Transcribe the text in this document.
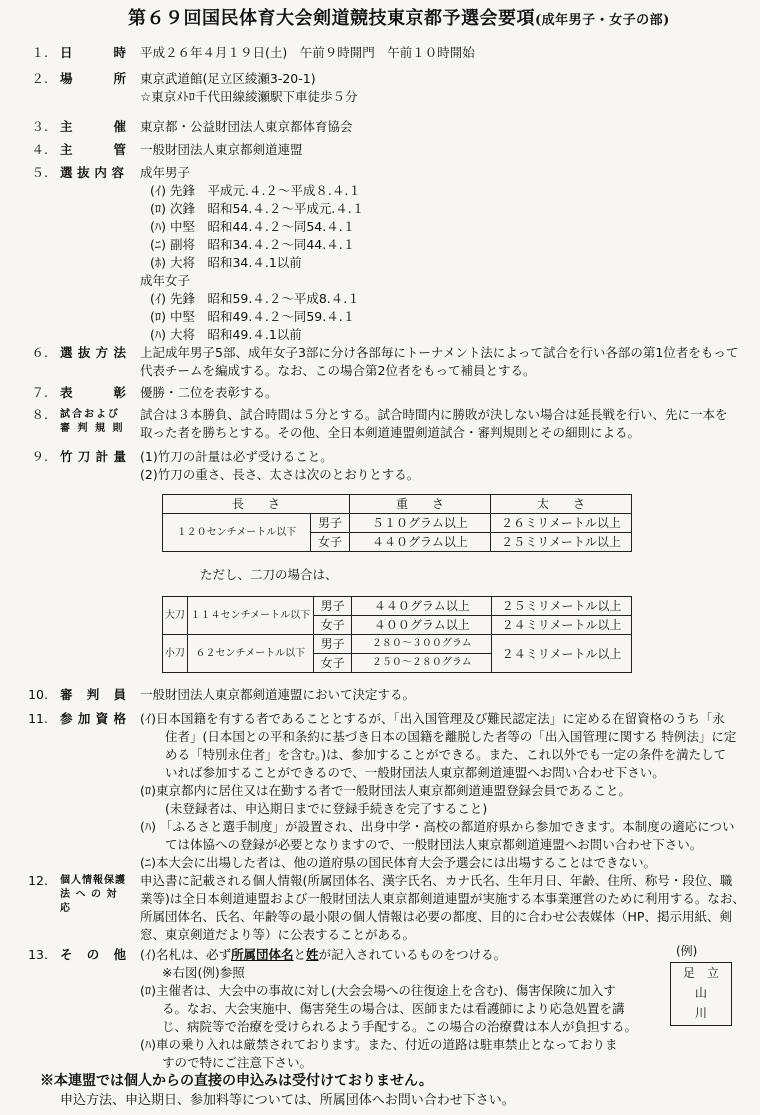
第６９回国民体育大会剣道競技東京都予選会要項(成年男子・女子の部)
１. 日	時 平成２６年４月１９日(土)　午前９時開門　午前１０時開始
２. 場	所 東京武道館(足立区綾瀬3-20-1)
☆東京ﾒﾄﾛ千代田線綾瀬駅下車徒歩５分
３. 主	催 東京都・公益財団法人東京都体育協会
４. 主	管 一般財団法人東京都剣道連盟
５. 選 抜 内 容 成年男子
(ｲ) 先鋒　平成元.４.２～平成８.４.１
(ﾛ) 次鋒　昭和54.４.２～平成元.４.１
(ﾊ) 中堅　昭和44.４.２～同54.４.１
(ﾆ) 副将　昭和34.４.２～同44.４.１
(ﾎ) 大将　昭和34.４.1以前
成年女子
(ｲ) 先鋒　昭和59.４.２～平成8.４.１
(ﾛ) 中堅　昭和49.４.２～同59.４.１
(ﾊ) 大将　昭和49.４.1以前
６. 選 抜 方 法 上記成年男子5部、成年女子3部に分け各部毎にトーナメント法によって試合を行い各部の第1位者をもって
代表チームを編成する。なお、この場合第2位者をもって補員とする。
７. 表	彰 優勝・二位を表彰する。
８. 試合および
審 判 規 則
試合は３本勝負、試合時間は５分とする。試合時間内に勝敗が決しない場合は延長戦を行い、先に一本を
取った者を勝ちとする。その他、全日本剣道連盟剣道試合・審判規則とその細則による。
９. 竹 刀 計 量 (1)竹刀の計量は必ず受けること。
(2)竹刀の重さ、長さ、太さは次のとおりとする。
長　　さ		重　　さ	太　　さ
１２０センチメートル以下	男子	５１０グラム以上	２６ミリメートル以上
	女子	４４０グラム以上	２５ミリメートル以上
ただし、二刀の場合は、
大刀	１１４センチメートル以下	男子	４４０グラム以上	２５ミリメートル以上
		女子	４００グラム以上	２４ミリメートル以上
小刀	６２センチメートル以下	男子	２８０～３００グラム	２４ミリメートル以上
		女子	２５０～２８０グラム	
10. 審 判 員 一般財団法人東京都剣道連盟において決定する。
11. 参 加 資 格 (ｲ)日本国籍を有する者であることとするが、「出入国管理及び難民認定法」に定める在留資格のうち「永
住者」(日本国との平和条約に基づき日本の国籍を離脱した者等の「出入国管理に関する 特例法」に定
める「特別永住者」を含む。)は、参加することができる。また、これ以外でも一定の条件を満たして
いれば参加することができるので、一般財団法人東京都剣道連盟へお問い合わせ下さい。
(ﾛ)東京都内に居住又は在勤する者で一般財団法人東京都剣道連盟登録会員であること。
(未登録者は、申込期日までに登録手続きを完了すること)
(ﾊ) 「ふるさと選手制度」が設置され、出身中学・高校の都道府県から参加できます。本制度の適応につい
ては体協への登録が必要となりますので、一般財団法人東京都剣道連盟へお問い合わせ下さい。
(ﾆ)本大会に出場した者は、他の道府県の国民体育大会予選会には出場することはできない。
12. 個人情報保護
法 へ の 対 応
申込書に記載される個人情報(所属団体名、漢字氏名、カナ氏名、生年月日、年齢、住所、称号・段位、職
業等)は全日本剣道連盟および一般財団法人東京都剣道連盟が実施する本事業運営のために利用する。なお、
所属団体名、氏名、年齢等の最小限の個人情報は必要の都度、目的に合わせ公表媒体（HP、掲示用紙、剣
窓、東京剣道だより等）に公表することがある。
13. そ の 他 (ｲ)名札は、必ず所属団体名と姓が記入されているものをつける。
※右図(例)参照
(ﾛ)主催者は、大会中の事故に対し(大会会場への往復途上を含む)、傷害保険に加入す
る。なお、大会実施中、傷害発生の場合は、医師または看護師により応急処置を講
じ、病院等で治療を受けられるよう手配する。この場合の治療費は本人が負担する。
(ﾊ)車の乗り入れは厳禁されております。また、付近の道路は駐車禁止となっておりま
すので特にご注意下さい。
(例)
足　立
山
川
※本連盟では個人からの直接の申込みは受付けておりません。
申込方法、申込期日、参加料等については、所属団体へお問い合わせ下さい。
